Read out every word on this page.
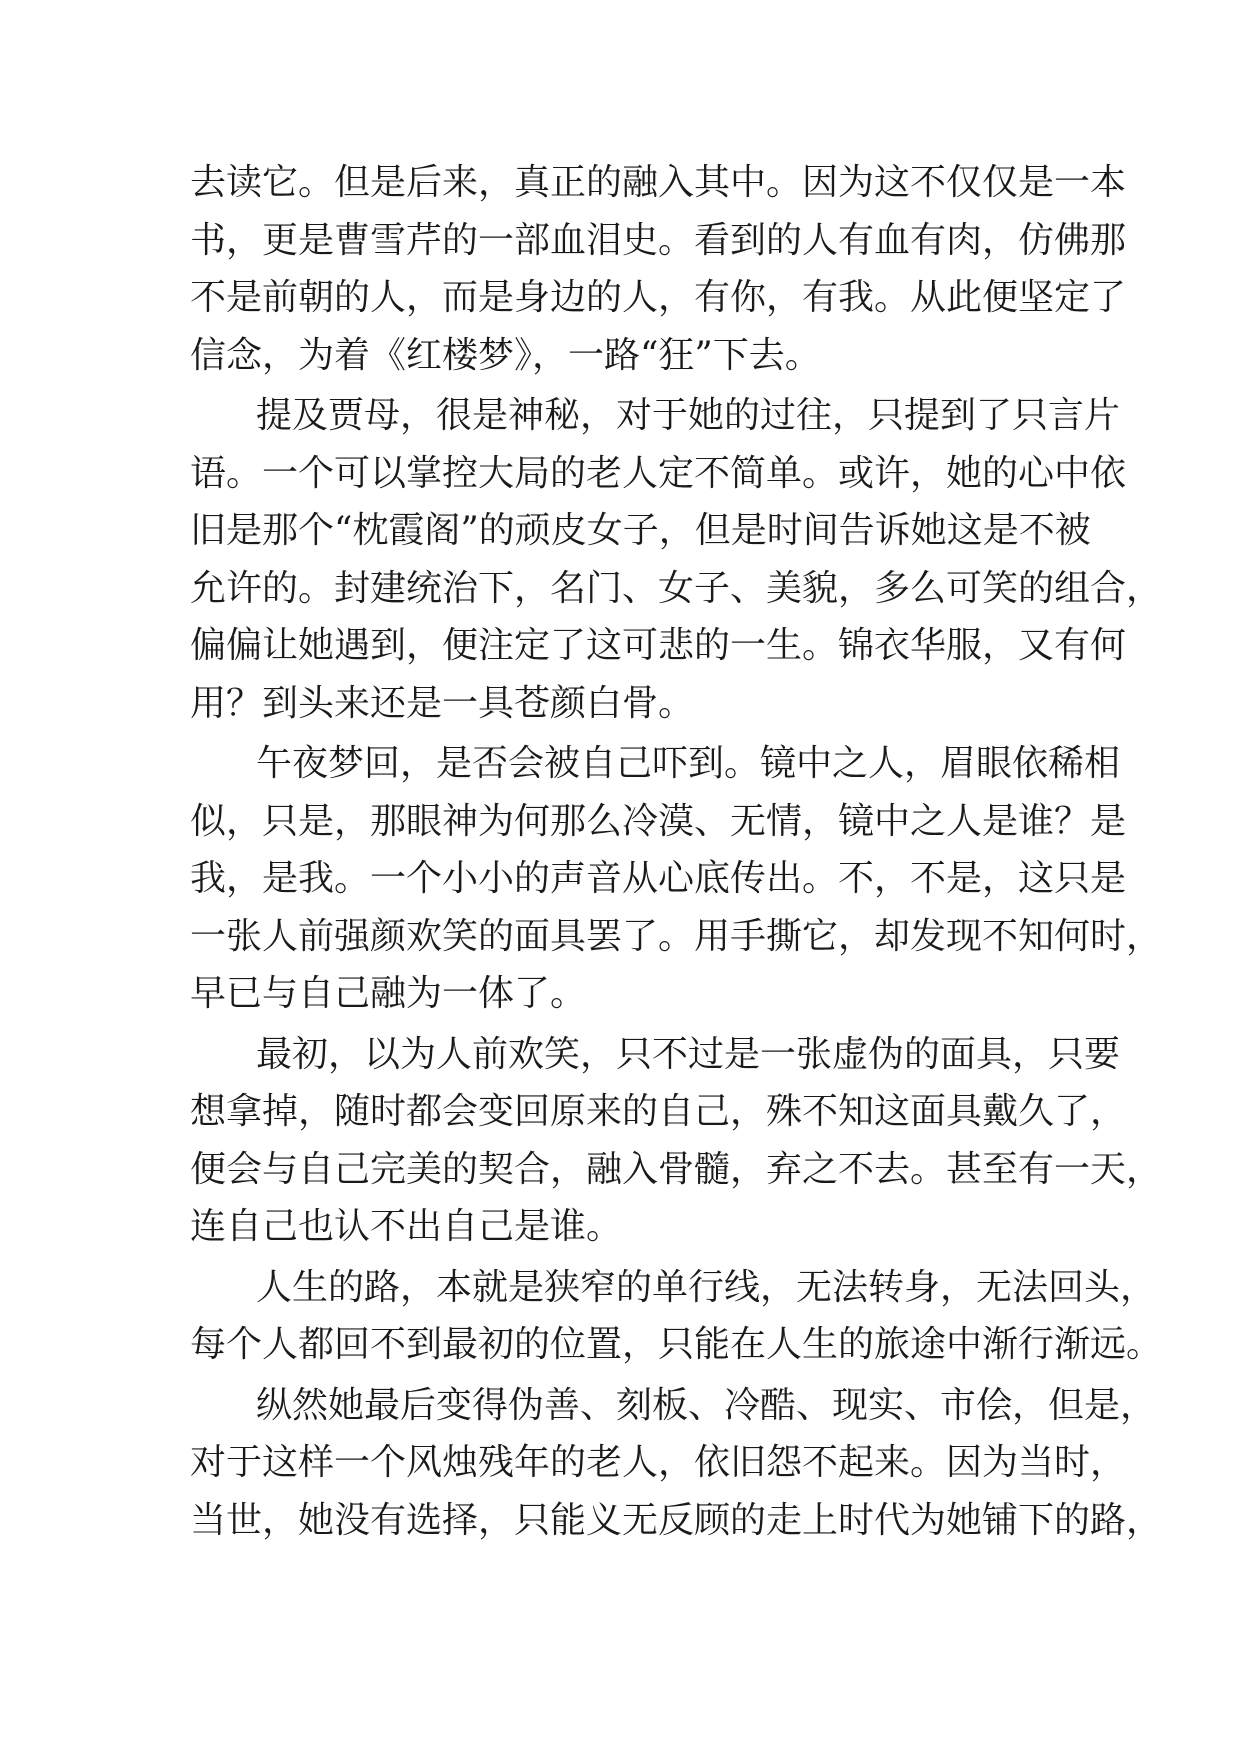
去读它。但是后来，真正的融入其中。因为这不仅仅是一本
书，更是曹雪芹的一部血泪史。看到的人有血有肉，仿佛那
不是前朝的人，而是身边的人，有你，有我。从此便坚定了
信念，为着《红楼梦》，一路“狂”下去。
提及贾母，很是神秘，对于她的过往，只提到了只言片
语。一个可以掌控大局的老人定不简单。或许，她的心中依
旧是那个“枕霞阁”的顽皮女子，但是时间告诉她这是不被
允许的。封建统治下，名门、女子、美貌，多么可笑的组合，
偏偏让她遇到，便注定了这可悲的一生。锦衣华服，又有何
用？到头来还是一具苍颜白骨。
午夜梦回，是否会被自己吓到。镜中之人，眉眼依稀相
似，只是，那眼神为何那么冷漠、无情，镜中之人是谁？是
我，是我。一个小小的声音从心底传出。不，不是，这只是
一张人前强颜欢笑的面具罢了。用手撕它，却发现不知何时，
早已与自己融为一体了。
最初，以为人前欢笑，只不过是一张虚伪的面具，只要
想拿掉，随时都会变回原来的自己，殊不知这面具戴久了，
便会与自己完美的契合，融入骨髓，弃之不去。甚至有一天，
连自己也认不出自己是谁。
人生的路，本就是狭窄的单行线，无法转身，无法回头，
每个人都回不到最初的位置，只能在人生的旅途中渐行渐远。
纵然她最后变得伪善、刻板、冷酷、现实、市侩，但是，
对于这样一个风烛残年的老人，依旧怨不起来。因为当时，
当世，她没有选择，只能义无反顾的走上时代为她铺下的路，
